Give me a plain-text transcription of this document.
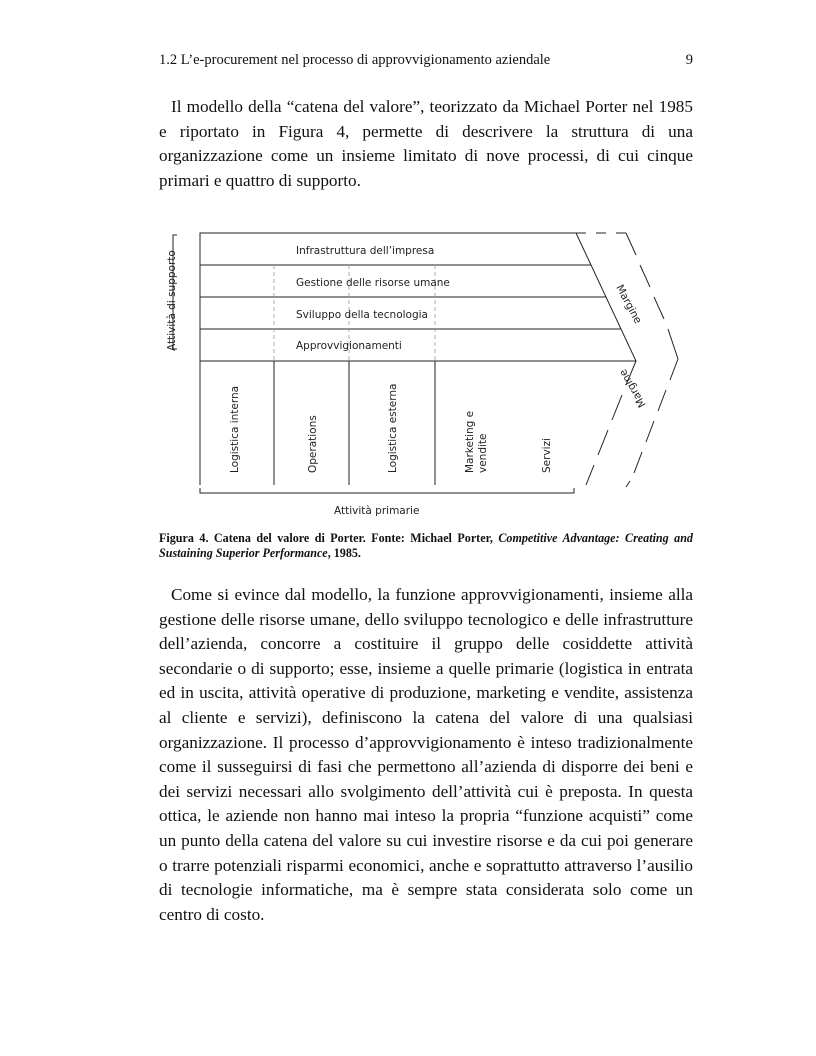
1.2 L’e-procurement nel processo di approvvigionamento aziendale	9

Il modello della “catena del valore”, teorizzato da Michael Porter nel 1985 e riportato in Figura 4, permette di descrivere la struttura di una organizzazione come un insieme limitato di nove processi, di cui cinque primari e quattro di supporto.

Attività di supporto	Infrastruttura dell’impresa
Gestione delle risorse umane
Sviluppo della tecnologia
Approvvigionamenti
Logistica interna	Operations	Logistica esterna	Marketing e vendite	Servizi
Margine
Margine
Attività primarie

Figura 4. Catena del valore di Porter. Fonte: Michael Porter, Competitive Advantage: Creating and Sustaining Superior Performance, 1985.

Come si evince dal modello, la funzione approvvigionamenti, insieme alla gestione delle risorse umane, dello sviluppo tecnologico e delle infrastrutture dell’azienda, concorre a costituire il gruppo delle cosiddette attività secondarie o di supporto; esse, insieme a quelle primarie (logistica in entrata ed in uscita, attività operative di produzione, marketing e vendite, assistenza al cliente e servizi), definiscono la catena del valore di una qualsiasi organizzazione. Il processo d’approvvigionamento è inteso tradizionalmente come il susseguirsi di fasi che permettono all’azienda di disporre dei beni e dei servizi necessari allo svolgimento dell’attività cui è preposta. In questa ottica, le aziende non hanno mai inteso la propria “funzione acquisti” come un punto della catena del valore su cui investire risorse e da cui poi generare o trarre potenziali risparmi economici, anche e soprattutto attraverso l’ausilio di tecnologie informatiche, ma è sempre stata considerata solo come un centro di costo.
